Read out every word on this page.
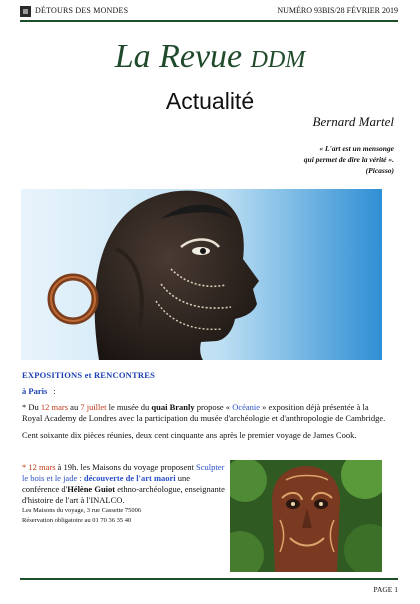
DÉTOURS DES MONDES	NUMÉRO 93BIS/28 FÉVRIER 2019
La Revue DDM
Actualité
Bernard Martel
« L'art est un mensonge
qui permet de dire la vérité ».
(Picasso)
EXPOSITIONS et RENCONTRES
à Paris :
* Du 12 mars au 7 juillet le musée du quai Branly propose « Océanie » exposition déjà présentée à la Royal Academy de Londres avec la participation du musée d'archéologie et d'anthropologie de Cambridge.
Cent soixante dix pièces réunies, deux cent cinquante ans après le premier voyage de James Cook.
* 12 mars à 19h. les Maisons du voyage proposent Sculpter le bois et le jade : découverte de l'art maori une conférence d'Hélène Guiot ethno-archéologue, enseignante d'histoire de l'art à l'INALCO.
Les Maisons du voyage, 3 rue Cassette 75006
Réservation obligatoire au 01 70 36 35 40
PAGE 1
